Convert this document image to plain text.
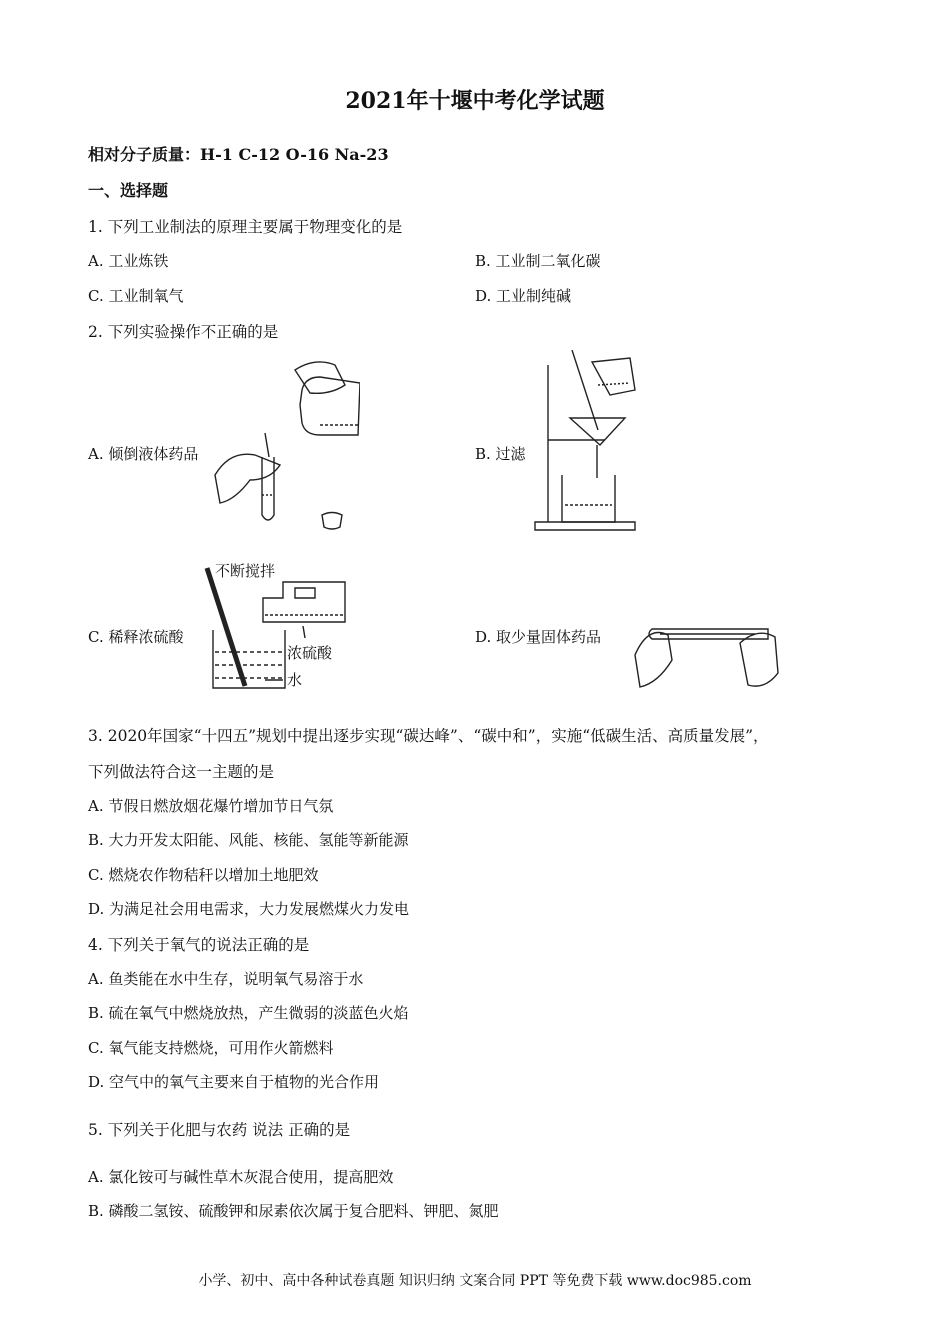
2021年十堰中考化学试题
相对分子质量：H-1 C-12 O-16 Na-23
一、选择题
1. 下列工业制法的原理主要属于物理变化的是
A. 工业炼铁	B. 工业制二氧化碳
C. 工业制氧气	D. 工业制纯碱
2. 下列实验操作不正确的是
A. 倾倒液体药品	B. 过滤
C. 稀释浓硫酸	D. 取少量固体药品
不断搅拌
浓硫酸
水
3. 2020年国家“十四五”规划中提出逐步实现“碳达峰”、“碳中和”，实施“低碳生活、高质量发展”，
下列做法符合这一主题的是
A. 节假日燃放烟花爆竹增加节日气氛
B. 大力开发太阳能、风能、核能、氢能等新能源
C. 燃烧农作物秸秆以增加土地肥效
D. 为满足社会用电需求，大力发展燃煤火力发电
4. 下列关于氧气的说法正确的是
A. 鱼类能在水中生存，说明氧气易溶于水
B. 硫在氧气中燃烧放热，产生微弱的淡蓝色火焰
C. 氧气能支持燃烧，可用作火箭燃料
D. 空气中的氧气主要来自于植物的光合作用
5. 下列关于化肥与农药 说法 正确的是
A. 氯化铵可与碱性草木灰混合使用，提高肥效
B. 磷酸二氢铵、硫酸钾和尿素依次属于复合肥料、钾肥、氮肥
小学、初中、高中各种试卷真题 知识归纳 文案合同 PPT 等免费下载 www.doc985.com
